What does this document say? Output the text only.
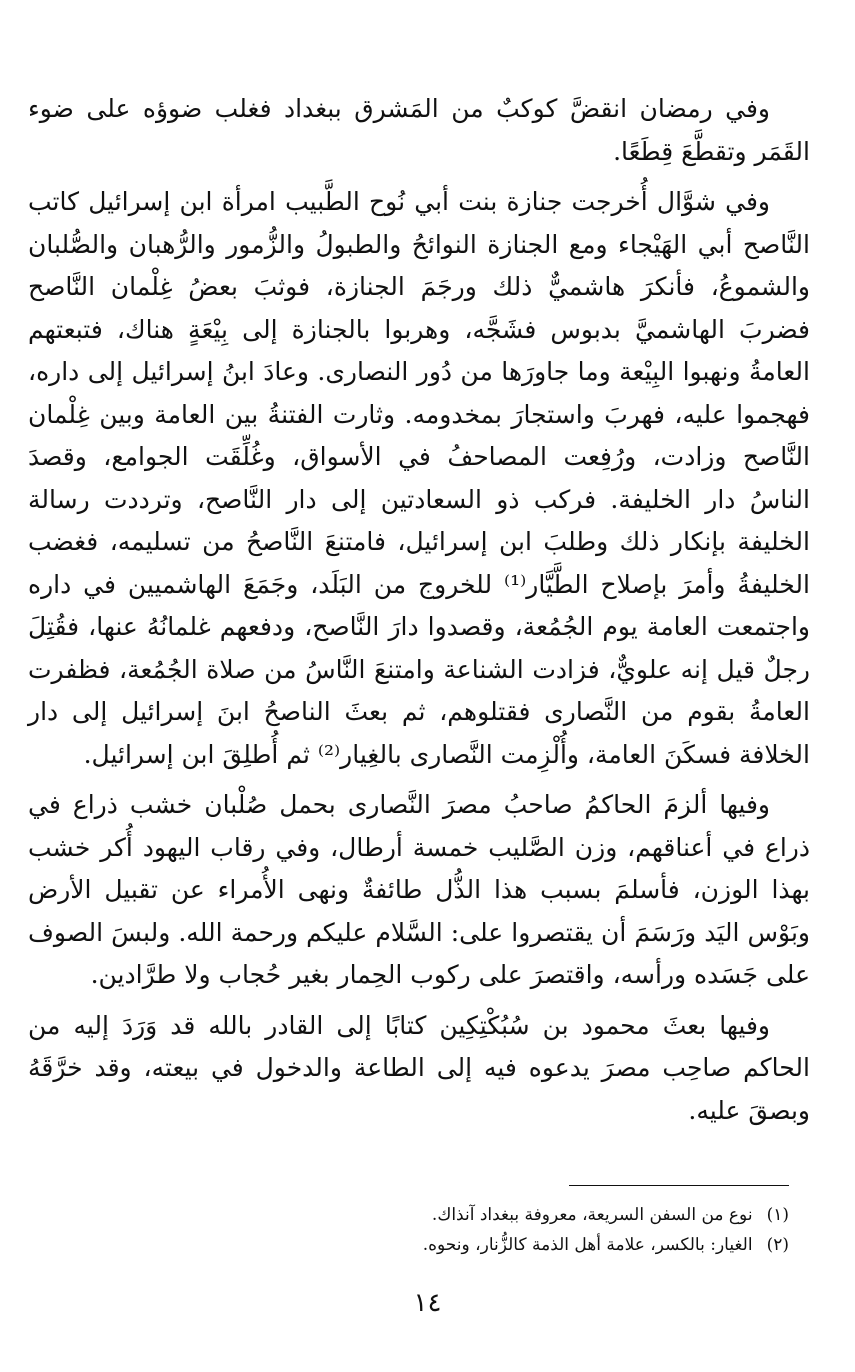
وفي رمضان انقضَّ كوكبٌ من المَشرق ببغداد فغلب ضوؤه على ضوء القَمَر وتقطَّعَ قِطَعًا.

وفي شوَّال أُخرجت جنازة بنت أبي نُوح الطَّبيب امرأة ابن إسرائيل كاتب النَّاصح أبي الهَيْجاء ومع الجنازة النوائحُ والطبولُ والزُّمور والرُّهبان والصُّلبان والشموعُ، فأنكرَ هاشميٌّ ذلك ورجَمَ الجنازة، فوثبَ بعضُ غِلْمان النَّاصح فضربَ الهاشميَّ بدبوس فشَجَّه، وهربوا بالجنازة إلى بِيْعَةٍ هناك، فتبعتهم العامةُ ونهبوا البِيْعة وما جاورَها من دُور النصارى. وعادَ ابنُ إسرائيل إلى داره، فهجموا عليه، فهربَ واستجارَ بمخدومه. وثارت الفتنةُ بين العامة وبين غِلْمان النَّاصح وزادت، ورُفِعت المصاحفُ في الأسواق، وغُلِّقَت الجوامع، وقصدَ الناسُ دار الخليفة. فركب ذو السعادتين إلى دار النَّاصح، وترددت رسالة الخليفة بإنكار ذلك وطلبَ ابن إسرائيل، فامتنعَ النَّاصحُ من تسليمه، فغضب الخليفةُ وأمرَ بإصلاح الطَّيَّار⁽¹⁾ للخروج من البَلَد، وجَمَعَ الهاشميين في داره واجتمعت العامة يوم الجُمُعة، وقصدوا دارَ النَّاصح، ودفعهم غلمانُهُ عنها، فقُتِلَ رجلٌ قيل إنه علويٌّ، فزادت الشناعة وامتنعَ النَّاسُ من صلاة الجُمُعة، فظفرت العامةُ بقوم من النَّصارى فقتلوهم، ثم بعثَ الناصحُ ابنَ إسرائيل إلى دار الخلافة فسكَنَ العامة، وأُلْزِمت النَّصارى بالغِيار⁽²⁾ ثم أُطلِقَ ابن إسرائيل.

وفيها ألزمَ الحاكمُ صاحبُ مصرَ النَّصارى بحمل صُلْبان خشب ذراع في ذراع في أعناقهم، وزن الصَّليب خمسة أرطال، وفي رقاب اليهود أُكر خشب بهذا الوزن، فأسلمَ بسبب هذا الذُّل طائفةٌ ونهى الأُمراء عن تقبيل الأرض وبَوْس اليَد ورَسَمَ أن يقتصروا على: السَّلام عليكم ورحمة الله. ولبسَ الصوف على جَسَده ورأسه، واقتصرَ على ركوب الحِمار بغير حُجاب ولا طرَّادين.

وفيها بعثَ محمود بن سُبُكْتِكِين كتابًا إلى القادر بالله قد وَرَدَ إليه من الحاكم صاحِب مصرَ يدعوه فيه إلى الطاعة والدخول في بيعته، وقد خرَّقَهُ وبصقَ عليه.

(١)نوع من السفن السريعة، معروفة ببغداد آنذاك.
(٢)الغيار: بالكسر، علامة أهل الذمة كالزُّنار، ونحوه.
١٤
